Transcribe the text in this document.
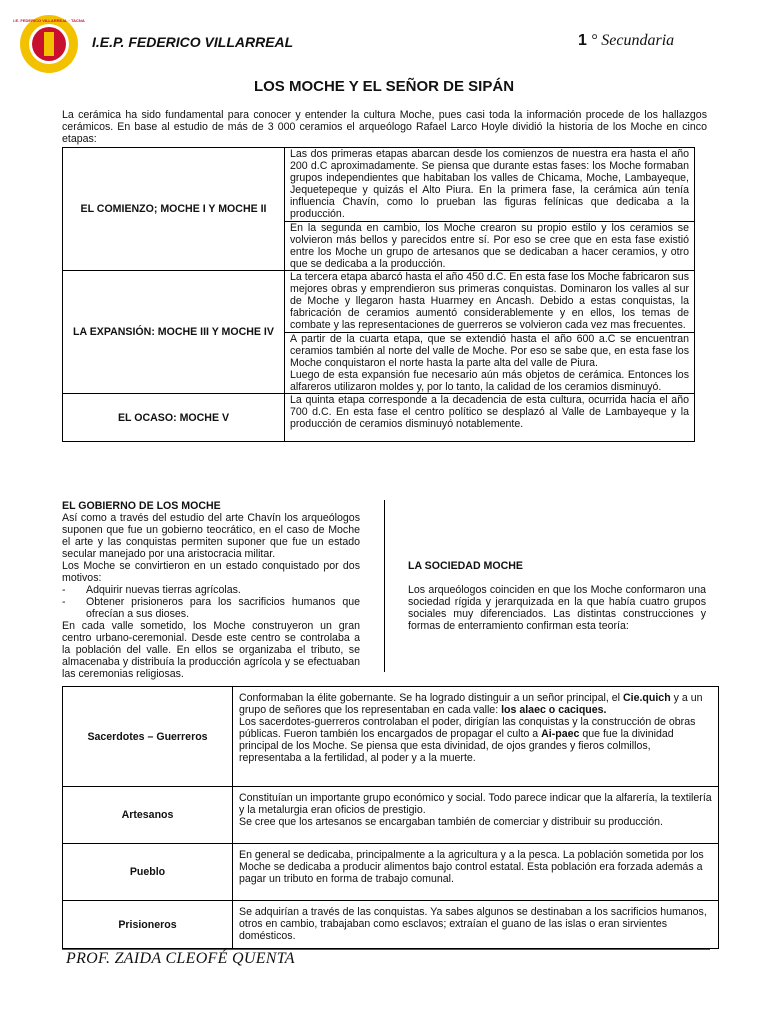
I.E. FEDERICO VILLARREAL · TACNA
I.E.P. FEDERICO VILLARREAL	1 ° Secundaria
LOS MOCHE Y EL SEÑOR DE SIPÁN
La cerámica ha sido fundamental para conocer y entender la cultura Moche, pues casi toda la información procede de los hallazgos cerámicos. En base al estudio de más de 3 000 ceramios el arqueólogo Rafael Larco Hoyle dividió la historia de los Moche en cinco etapas:
EL COMIENZO; MOCHE I Y MOCHE II	Las dos primeras etapas abarcan desde los comienzos de nuestra era hasta el año 200 d.C aproximadamente. Se piensa que durante estas fases: los Moche formaban grupos independientes que habitaban los valles de Chicama, Moche, Lambayeque, Jequetepeque y quizás el Alto Piura. En la primera fase, la cerámica aún tenía influencia Chavín, como lo prueban las figuras felínicas que dedicaba a la producción.
En la segunda en cambio, los Moche crearon su propio estilo y los ceramios se volvieron más bellos y parecidos entre sí. Por eso se cree que en esta fase existió entre los Moche un grupo de artesanos que se dedicaban a hacer ceramios, y otro que se dedicaba a la producción.

LA EXPANSIÓN: MOCHE III Y MOCHE IV	La tercera etapa abarcó hasta el año 450 d.C. En esta fase los Moche fabricaron sus mejores obras y emprendieron sus primeras conquistas. Dominaron los valles al sur de Moche y llegaron hasta Huarmey en Ancash. Debido a estas conquistas, la fabricación de ceramios aumentó considerablemente y en ellos, los temas de combate y las representaciones de guerreros se volvieron cada vez mas frecuentes.
A partir de la cuarta etapa, que se extendió hasta el año 600 a.C se encuentran ceramios también al norte del valle de Moche. Por eso se sabe que, en esta fase los Moche conquistaron el norte hasta la parte alta del valle de Piura.
Luego de esta expansión fue necesario aún más objetos de cerámica. Entonces los alfareros utilizaron moldes y, por lo tanto, la calidad de los ceramios disminuyó.

EL OCASO: MOCHE V	La quinta etapa corresponde a la decadencia de esta cultura, ocurrida hacia el año 700 d.C. En esta fase el centro político se desplazó al Valle de Lambayeque y la producción de ceramios disminuyó notablemente.
EL GOBIERNO DE LOS MOCHE
Así como a través del estudio del arte Chavín los arqueólogos suponen que fue un gobierno teocrático, en el caso de Moche el arte y las conquistas permiten suponer que fue un estado secular manejado por una aristocracia militar.
Los Moche se convirtieron en un estado conquistado por dos motivos:
- Adquirir nuevas tierras agrícolas.
- Obtener prisioneros para los sacrificios humanos que ofrecían a sus dioses.
En cada valle sometido, los Moche construyeron un gran centro urbano-ceremonial. Desde este centro se controlaba a la población del valle. En ellos se organizaba el tributo, se almacenaba y distribuía la producción agrícola y se efectuaban las ceremonias religiosas.
LA SOCIEDAD MOCHE
Los arqueólogos coinciden en que los Moche conformaron una sociedad rígida y jerarquizada en la que había cuatro grupos sociales muy diferenciados. Las distintas construcciones y formas de enterramiento confirman esta teoría:
Sacerdotes – Guerreros	Conformaban la élite gobernante. Se ha logrado distinguir a un señor principal, el Cie.quich y a un grupo de señores que los representaban en cada valle: los alaec o caciques.
Los sacerdotes-guerreros controlaban el poder, dirigían las conquistas y la construcción de obras públicas. Fueron también los encargados de propagar el culto a Ai-paec que fue la divinidad principal de los Moche. Se piensa que esta divinidad, de ojos grandes y fieros colmillos, representaba a la fertilidad, al poder y a la muerte.
Artesanos	Constituían un importante grupo económico y social. Todo parece indicar que la alfarería, la textilería y la metalurgia eran oficios de prestigio.
Se cree que los artesanos se encargaban también de comerciar y distribuir su producción.

Pueblo	En general se dedicaba, principalmente a la agricultura y a la pesca. La población sometida por los Moche se dedicaba a producir alimentos bajo control estatal. Esta población era forzada además a pagar un tributo en forma de trabajo comunal.
Prisioneros	Se adquirían a través de las conquistas. Ya sabes algunos se destinaban a los sacrificios humanos, otros en cambio, trabajaban como esclavos; extraían el guano de las islas o eran sirvientes domésticos.
PROF. ZAIDA CLEOFÉ QUENTA
